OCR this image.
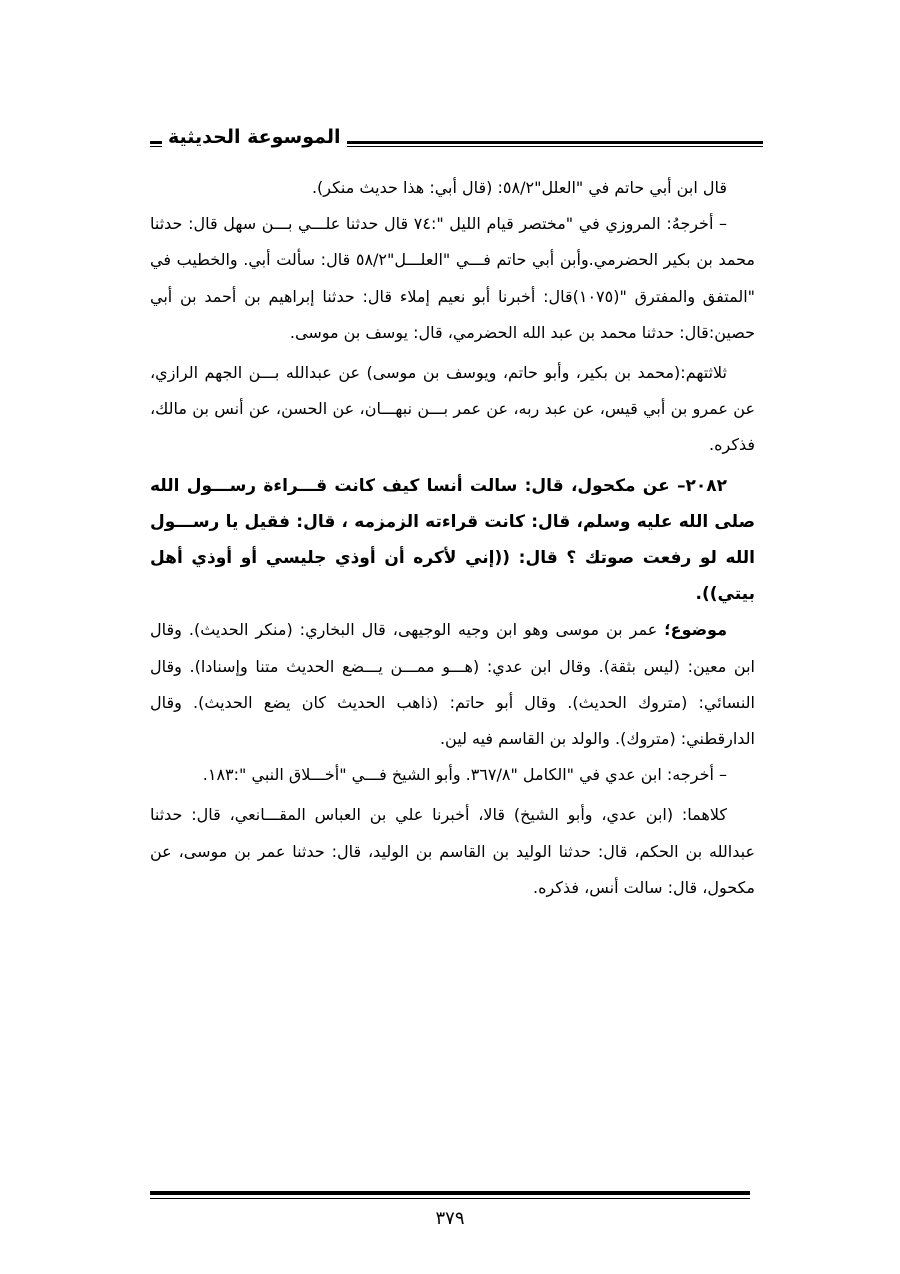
الموسوعة الحديثية

قال ابن أبي حاتم في "العلل"٥٨/٢: (قال أبي: هذا حديث منكر).

– أخرجهُ: المروزي في "مختصر قيام الليل ":٧٤ قال حدثنا علـــي بـــن سهل قال: حدثنا محمد بن بكير الحضرمي.وأبن أبي حاتم فـــي "العلـــل"٥٨/٢ قال: سألت أبي. والخطيب في "المتفق والمفترق "(١٠٧٥)قال: أخبرنا أبو نعيم إملاء قال: حدثنا إبراهيم بن أحمد بن أبي حصين:قال: حدثنا محمد بن عبد الله الحضرمي، قال: يوسف بن موسى.

ثلاثتهم:(محمد بن بكير، وأبو حاتم، ويوسف بن موسى) عن عبدالله بـــن الجهم الرازي، عن عمرو بن أبي قيس، عن عبد ربه، عن عمر بـــن نبهـــان، عن الحسن، عن أنس بن مالك، فذكره.

٢٠٨٢– عن مكحول، قال: سالت أنسا كيف كانت قـــراءة رســـول الله صلى الله عليه وسلم، قال: كانت قراءته الزمزمه ، قال: فقيل يا رســـول الله لو رفعت صوتك ؟ قال: ((إني لأكره أن أوذي جليسي أو أوذي أهل بيتي)).

موضوع؛ عمر بن موسى وهو ابن وجيه الوجيهى، قال البخاري: (منكر الحديث). وقال ابن معين: (ليس بثقة). وقال ابن عدي: (هـــو ممـــن يـــضع الحديث متنا وإسنادا). وقال النسائي: (متروك الحديث). وقال أبو حاتم: (ذاهب الحديث كان يضع الحديث). وقال الدارقطني: (متروك). والولد بن القاسم فيه لين.

– أخرجه: ابن عدي في "الكامل "٣٦٧/٨. وأبو الشيخ فـــي "أخـــلاق النبي ":١٨٣.

كلاهما: (ابن عدي، وأبو الشيخ) قالا، أخبرنا علي بن العباس المقـــانعي، قال: حدثنا عبدالله بن الحكم، قال: حدثنا الوليد بن القاسم بن الوليد، قال: حدثنا عمر بن موسى، عن مكحول، قال: سالت أنس، فذكره.

٣٧٩
